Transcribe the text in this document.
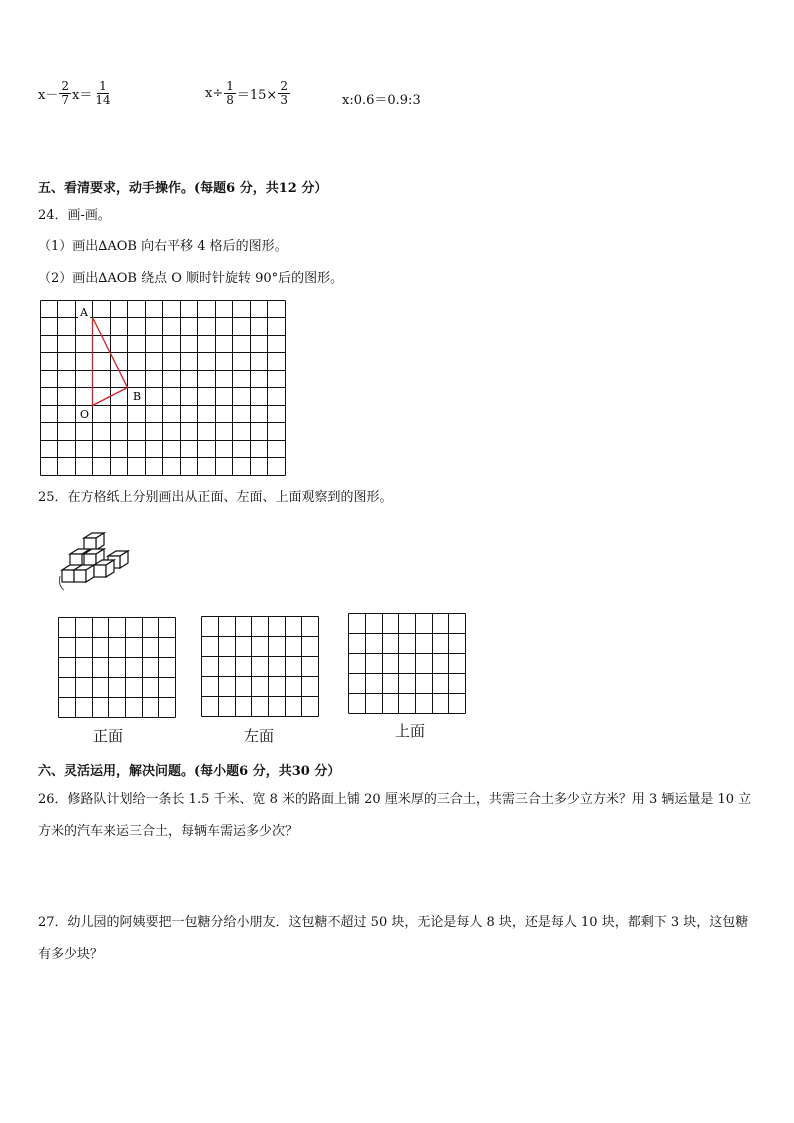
$x- \frac{2}{7} x= \frac{1}{14}$	$x\div \frac{1}{8} =15\times \frac{2}{3}$	x:0.6＝0.9:3
五、看清要求，动手操作。(每题6 分，共12 分）
24．画-画。
（1）画出∆AOB 向右平移 4 格后的图形。
（2）画出∆AOB 绕点 O 顺时针旋转 90°后的图形。
A
B
O
25．在方格纸上分别画出从正面、左面、上面观察到的图形。
正面	左面	上面
六、灵活运用，解决问题。(每小题6 分，共30 分）
26．修路队计划给一条长 1.5 千米、宽 8 米的路面上铺 20 厘米厚的三合土，共需三合土多少立方米？用 3 辆运量是 10 立方米的汽车来运三合土，每辆车需运多少次？
27．幼儿园的阿姨要把一包糖分给小朋友．这包糖不超过 50 块，无论是每人 8 块，还是每人 10 块，都剩下 3 块，这包糖有多少块？
